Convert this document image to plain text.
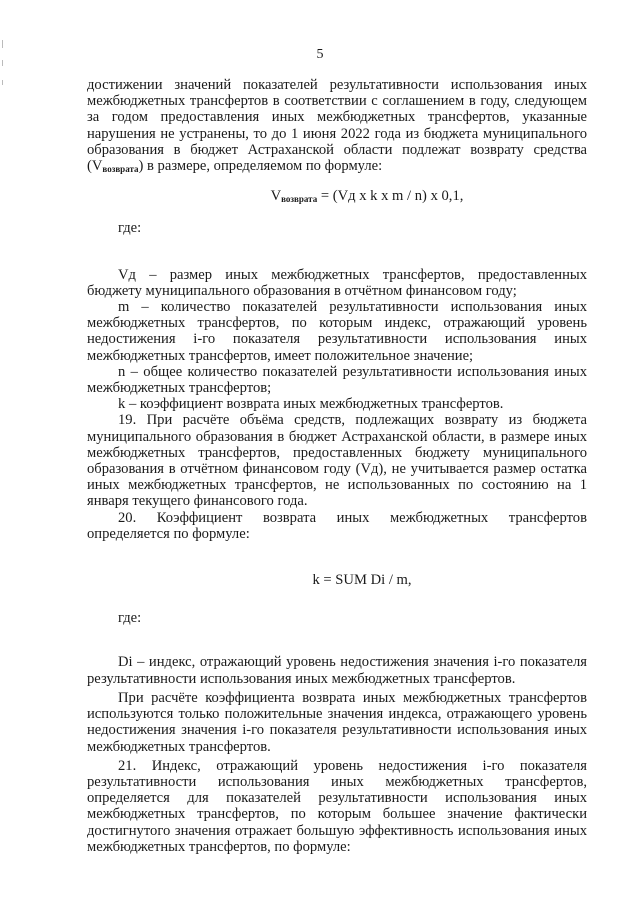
5

достижении значений показателей результативности использования иных межбюджетных трансфертов в соответствии с соглашением в году, следующем за годом предоставления иных межбюджетных трансфертов, указанные нарушения не устранены, то до 1 июня 2022 года из бюджета муниципального образования в бюджет Астраханской области подлежат возврату средства $(V_{возврата})$ в размере, определяемом по формуле:

$V_{возврата} = (Vд$ x k x m / n) x 0,1,

где:

Vд – размер иных межбюджетных трансфертов, предоставленных бюджету муниципального образования в отчётном финансовом году;

m – количество показателей результативности использования иных межбюджетных трансфертов, по которым индекс, отражающий уровень недостижения i-го показателя результативности использования иных межбюджетных трансфертов, имеет положительное значение;

n – общее количество показателей результативности использования иных межбюджетных трансфертов;

k – коэффициент возврата иных межбюджетных трансфертов.

19. При расчёте объёма средств, подлежащих возврату из бюджета муниципального образования в бюджет Астраханской области, в размере иных межбюджетных трансфертов, предоставленных бюджету муниципального образования в отчётном финансовом году (Vд), не учитывается размер остатка иных межбюджетных трансфертов, не использованных по состоянию на 1 января текущего финансового года.

20. Коэффициент возврата иных межбюджетных трансфертов определяется по формуле:

k = SUM Di / m,

где:

Di – индекс, отражающий уровень недостижения значения i-го показателя результативности использования иных межбюджетных трансфертов.

При расчёте коэффициента возврата иных межбюджетных трансфертов используются только положительные значения индекса, отражающего уровень недостижения значения i-го показателя результативности использования иных межбюджетных трансфертов.

21. Индекс, отражающий уровень недостижения i-го показателя результативности использования иных межбюджетных трансфертов, определяется для показателей результативности использования иных межбюджетных трансфертов, по которым большее значение фактически достигнутого значения отражает большую эффективность использования иных межбюджетных трансфертов, по формуле:
